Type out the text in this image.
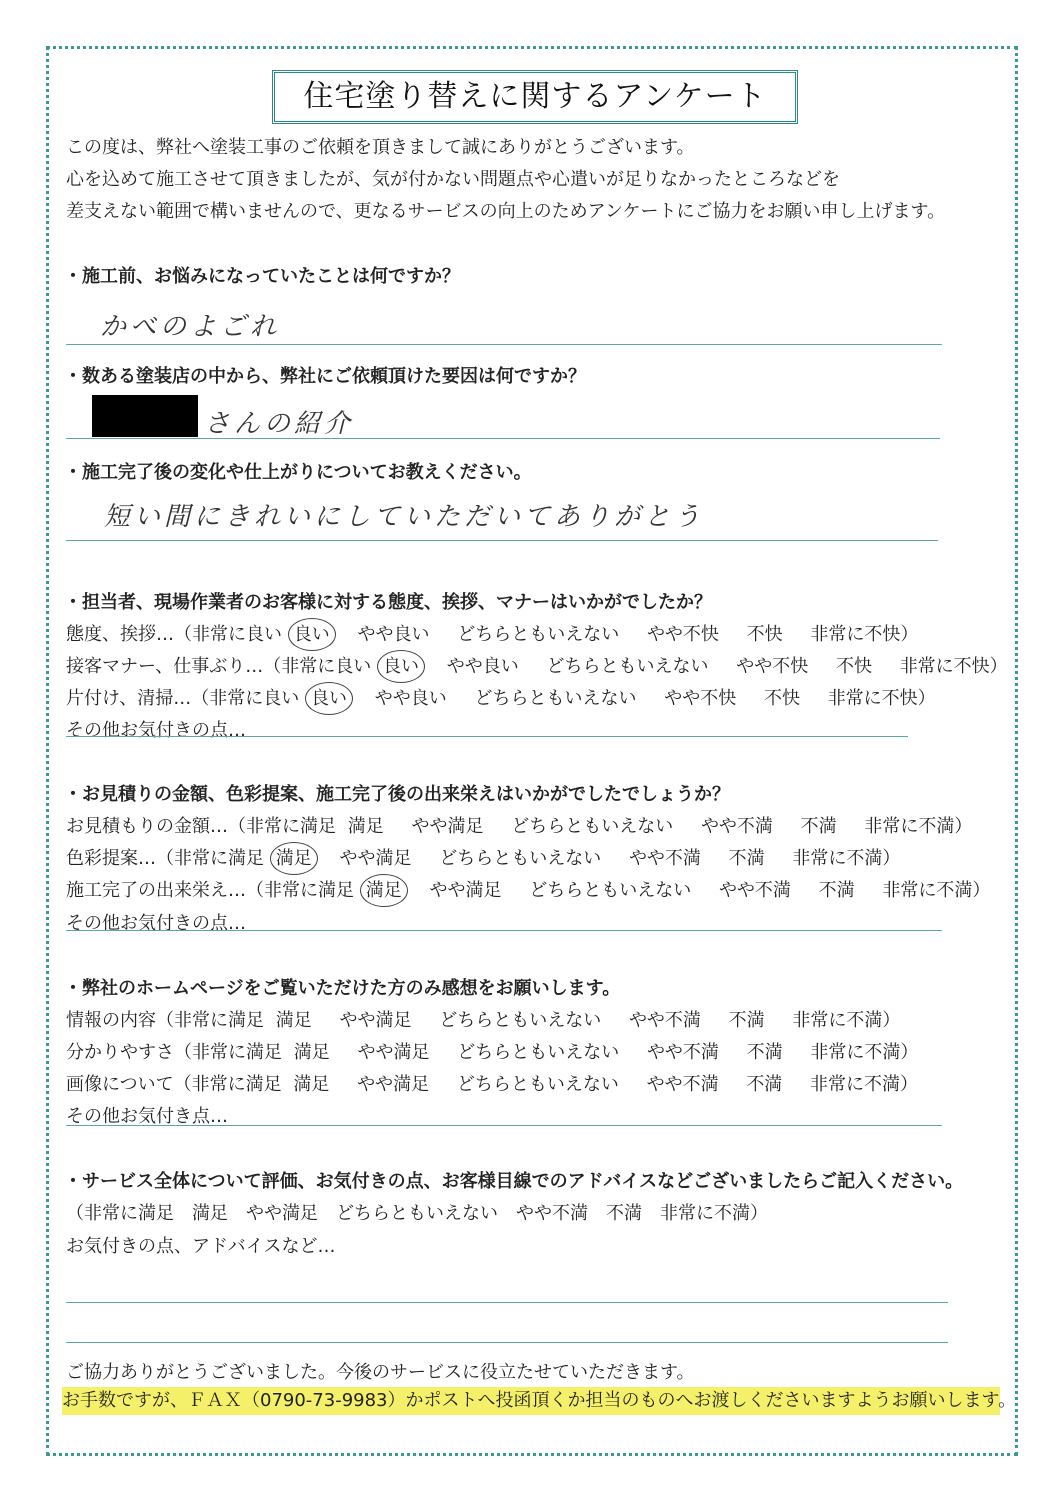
住宅塗り替えに関するアンケート
この度は、弊社へ塗装工事のご依頼を頂きまして誠にありがとうございます。
心を込めて施工させて頂きましたが、気が付かない問題点や心遣いが足りなかったところなどを
差支えない範囲で構いませんので、更なるサービスの向上のためアンケートにご協力をお願い申し上げます。
・施工前、お悩みになっていたことは何ですか？
かべのよごれ
・数ある塗装店の中から、弊社にご依頼頂けた要因は何ですか？
さんの紹介
・施工完了後の変化や仕上がりについてお教えください。
短い間にきれいにしていただいてありがとう
・担当者、現場作業者のお客様に対する態度、挨拶、マナーはいかがでしたか？
態度、挨拶…（非常に良い 良い やや良い どちらともいえない やや不快 不快 非常に不快）
接客マナー、仕事ぶり…（非常に良い 良い やや良い どちらともいえない やや不快 不快 非常に不快）
片付け、清掃…（非常に良い 良い やや良い どちらともいえない やや不快 不快 非常に不快）
その他お気付きの点…
・お見積りの金額、色彩提案、施工完了後の出来栄えはいかがでしたでしょうか？
お見積もりの金額…（非常に満足 満足 やや満足 どちらともいえない やや不満 不満 非常に不満）
色彩提案…（非常に満足 満足 やや満足 どちらともいえない やや不満 不満 非常に不満）
施工完了の出来栄え…（非常に満足 満足 やや満足 どちらともいえない やや不満 不満 非常に不満）
その他お気付きの点…
・弊社のホームページをご覧いただけた方のみ感想をお願いします。
情報の内容（非常に満足 満足 やや満足 どちらともいえない やや不満 不満 非常に不満）
分かりやすさ（非常に満足 満足 やや満足 どちらともいえない やや不満 不満 非常に不満）
画像について（非常に満足 満足 やや満足 どちらともいえない やや不満 不満 非常に不満）
その他お気付き点…
・サービス全体について評価、お気付きの点、お客様目線でのアドバイスなどございましたらご記入ください。
（非常に満足　満足　やや満足　どちらともいえない　やや不満　不満　非常に不満）
お気付きの点、アドバイスなど…
ご協力ありがとうございました。今後のサービスに役立たせていただきます。
お手数ですが、ＦＡＸ（0790-73-9983）かポストへ投函頂くか担当のものへお渡しくださいますようお願いします。
